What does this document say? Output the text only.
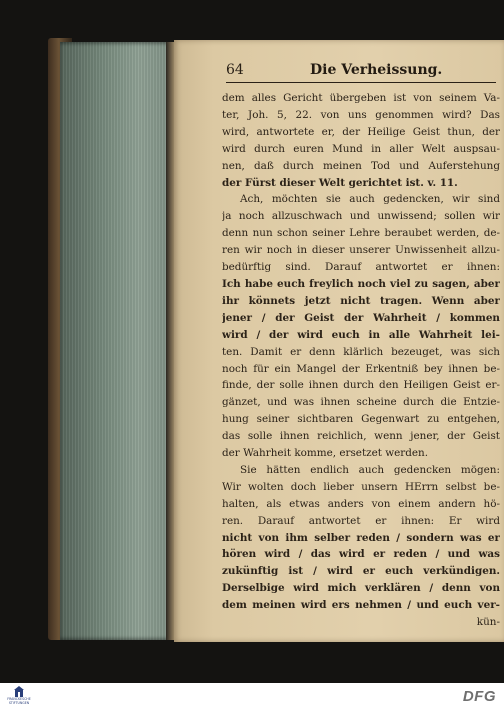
64	Die Verheissung.
dem alles Gericht übergeben ist von seinem Va-
ter, Joh. 5, 22. von uns genommen wird? Das
wird, antwortete er, der Heilige Geist thun, der
wird durch euren Mund in aller Welt auspsau-
nen, daß durch meinen Tod und Auferstehung
der Fürst dieser Welt gerichtet ist. v. 11.
Ach, möchten sie auch gedencken, wir sind
ja noch allzuschwach und unwissend; sollen wir
denn nun schon seiner Lehre beraubet werden, de-
ren wir noch in dieser unserer Unwissenheit allzu-
bedürftig sind. Darauf antwortet er ihnen:
Ich habe euch freylich noch viel zu sagen, aber
ihr könnets jetzt nicht tragen. Wenn aber
jener / der Geist der Wahrheit / kommen
wird / der wird euch in alle Wahrheit lei-
ten. Damit er denn klärlich bezeuget, was sich
noch für ein Mangel der Erkentniß bey ihnen be-
finde, der solle ihnen durch den Heiligen Geist er-
gänzet, und was ihnen scheine durch die Entzie-
hung seiner sichtbaren Gegenwart zu entgehen,
das solle ihnen reichlich, wenn jener, der Geist
der Wahrheit komme, ersetzet werden.
Sie hätten endlich auch gedencken mögen:
Wir wolten doch lieber unsern HErrn selbst be-
halten, als etwas anders von einem andern hö-
ren. Darauf antwortet er ihnen: Er wird
nicht von ihm selber reden / sondern was er
hören wird / das wird er reden / und was
zukünftig ist / wird er euch verkündigen.
Derselbige wird mich verklären / denn von
dem meinen wird ers nehmen / und euch ver-
kün-
FRANCKESCHE STIFTUNGEN	DFG
